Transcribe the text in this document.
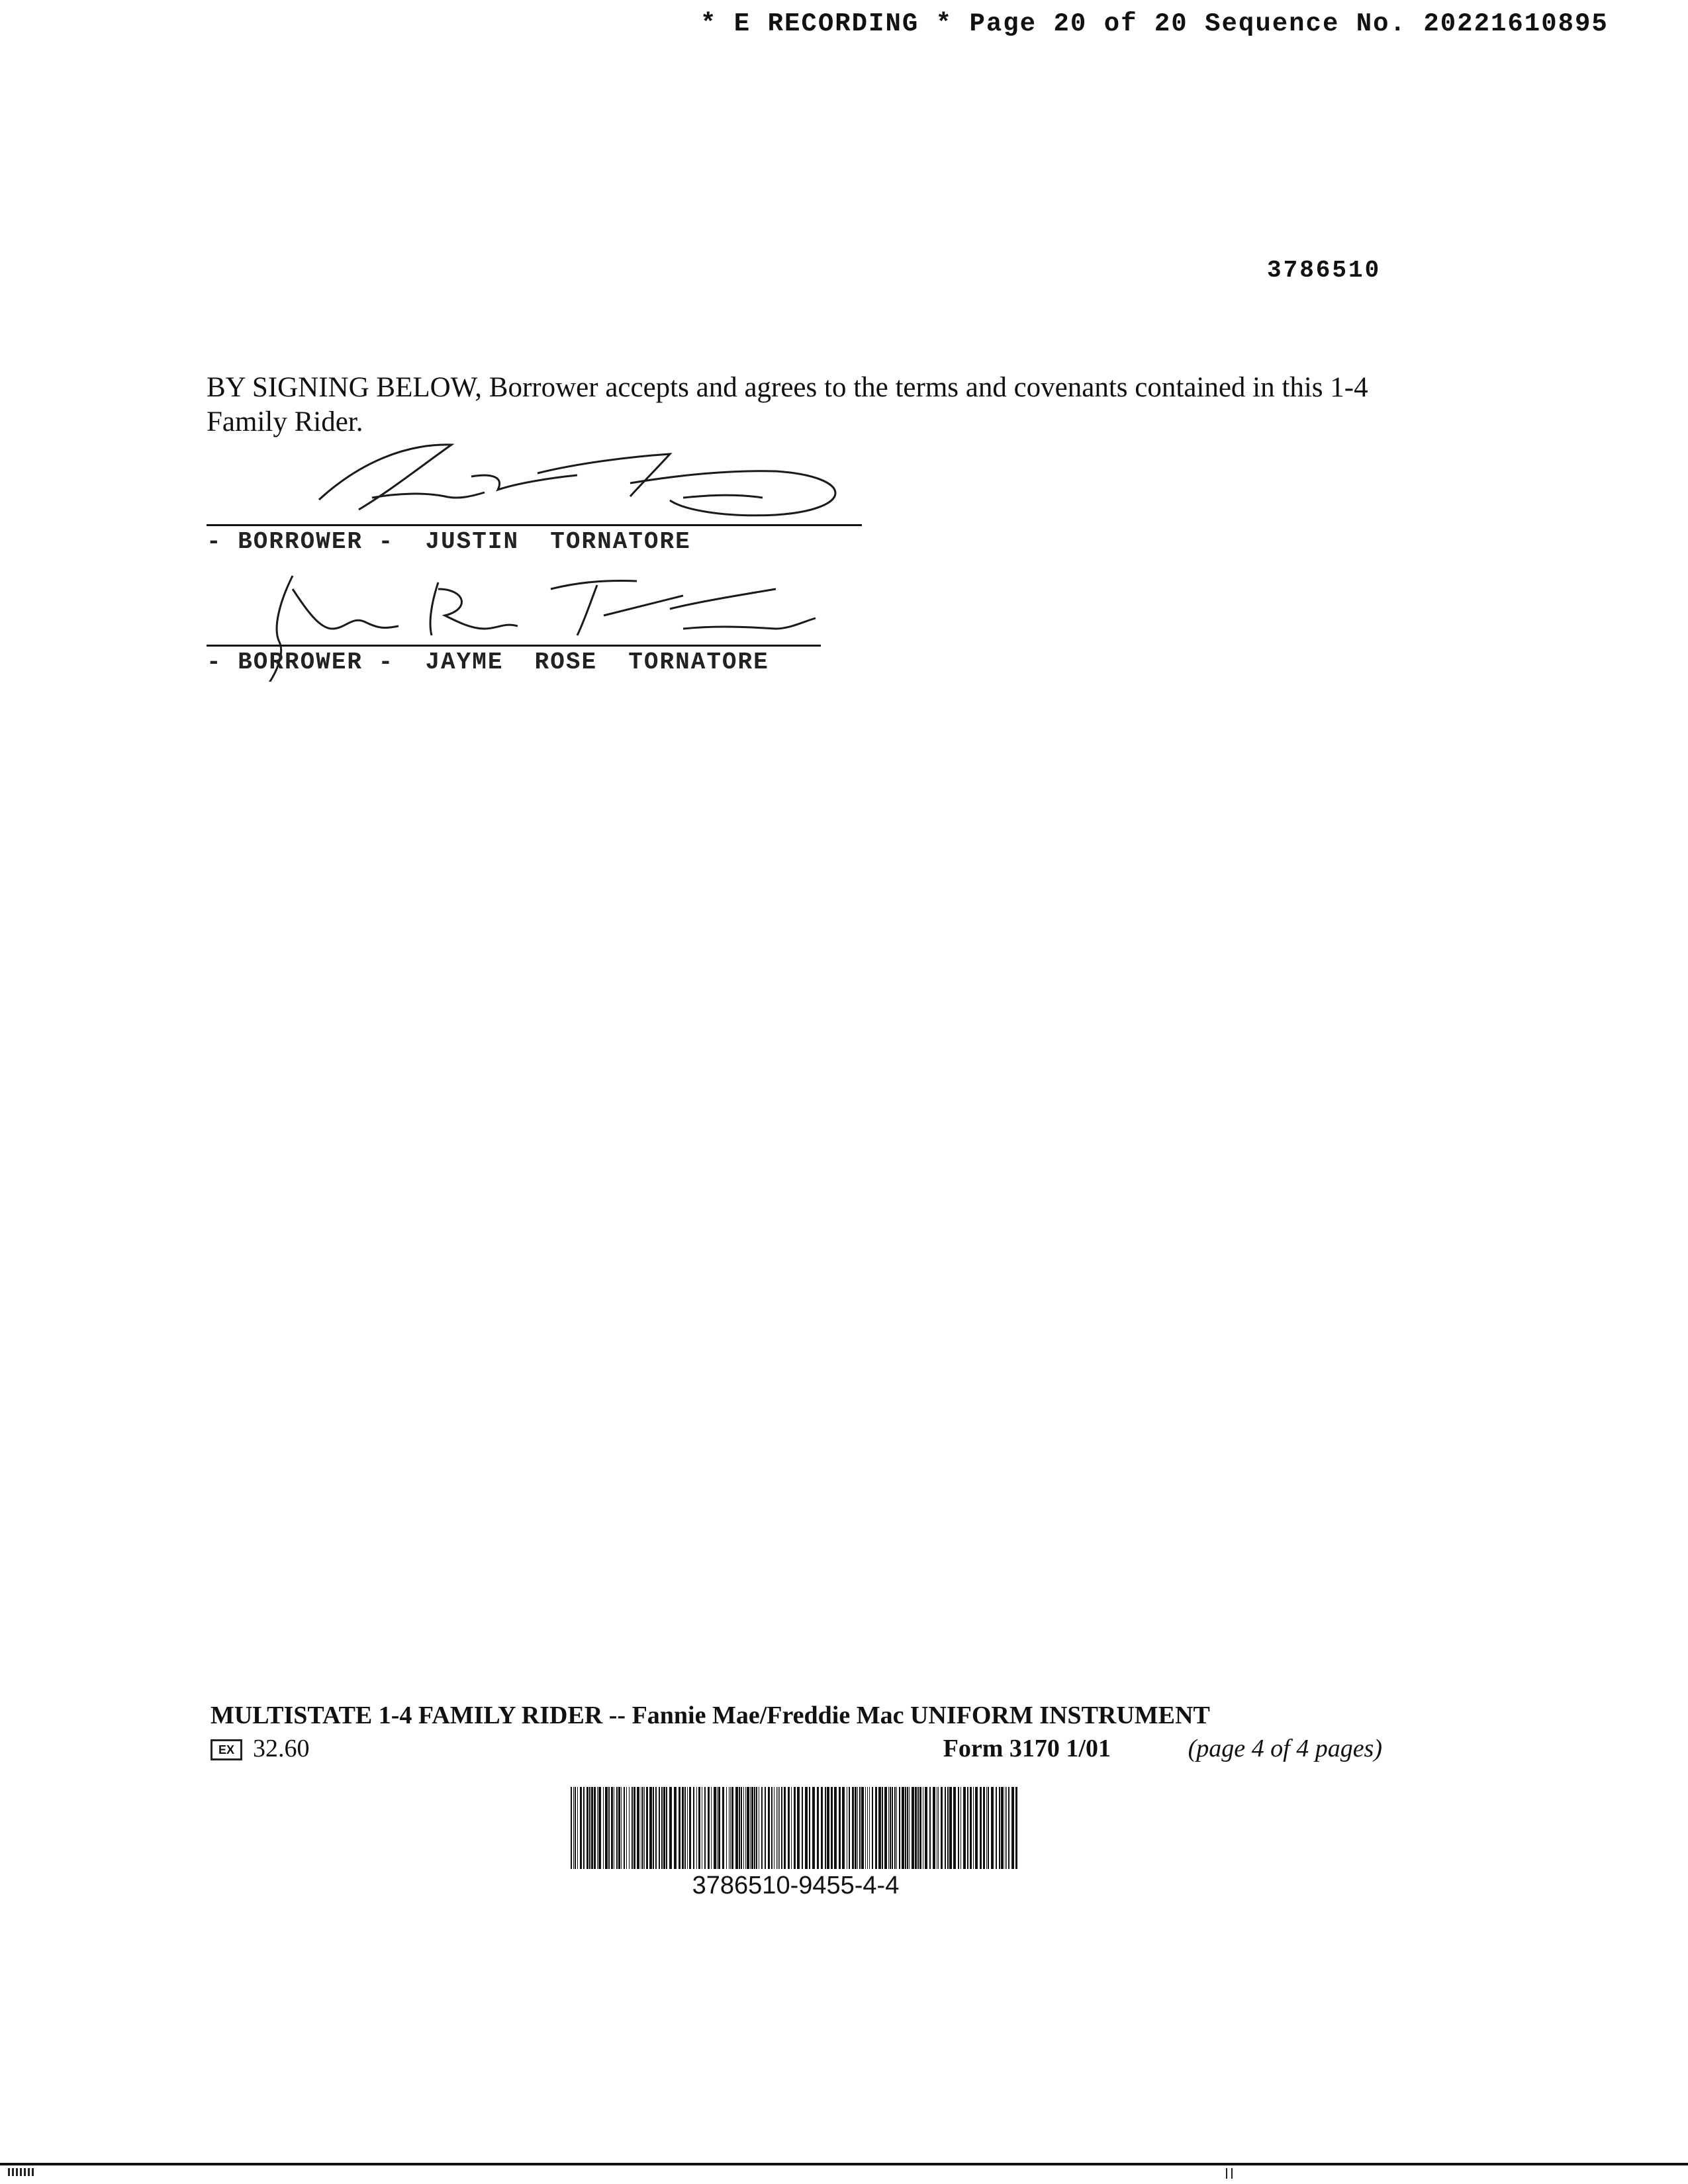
* E RECORDING * Page 20 of 20 Sequence No. 20221610895
3786510
BY SIGNING BELOW, Borrower accepts and agrees to the terms and covenants contained in this 1-4 Family Rider.
- BORROWER -  JUSTIN  TORNATORE
- BORROWER -  JAYME  ROSE  TORNATORE
MULTISTATE 1-4 FAMILY RIDER -- Fannie Mae/Freddie Mac UNIFORM INSTRUMENT
EX 32.60	Form 3170 1/01	(page 4 of 4 pages)
3786510-9455-4-4
